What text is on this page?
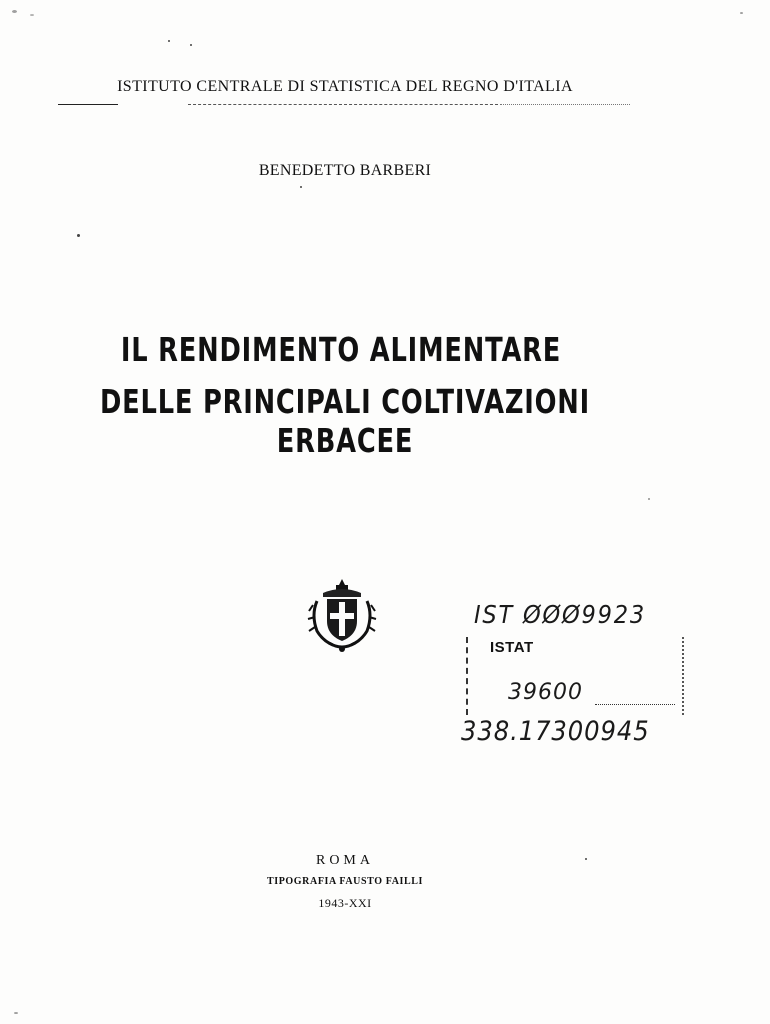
ISTITUTO CENTRALE DI STATISTICA DEL REGNO D'ITALIA
BENEDETTO BARBERI
IL RENDIMENTO ALIMENTARE
DELLE PRINCIPALI COLTIVAZIONI ERBACEE
IST ØØØ9923
ISTAT
39600
338.17300945
ROMA
TIPOGRAFIA FAUSTO FAILLI
1943-XXI
